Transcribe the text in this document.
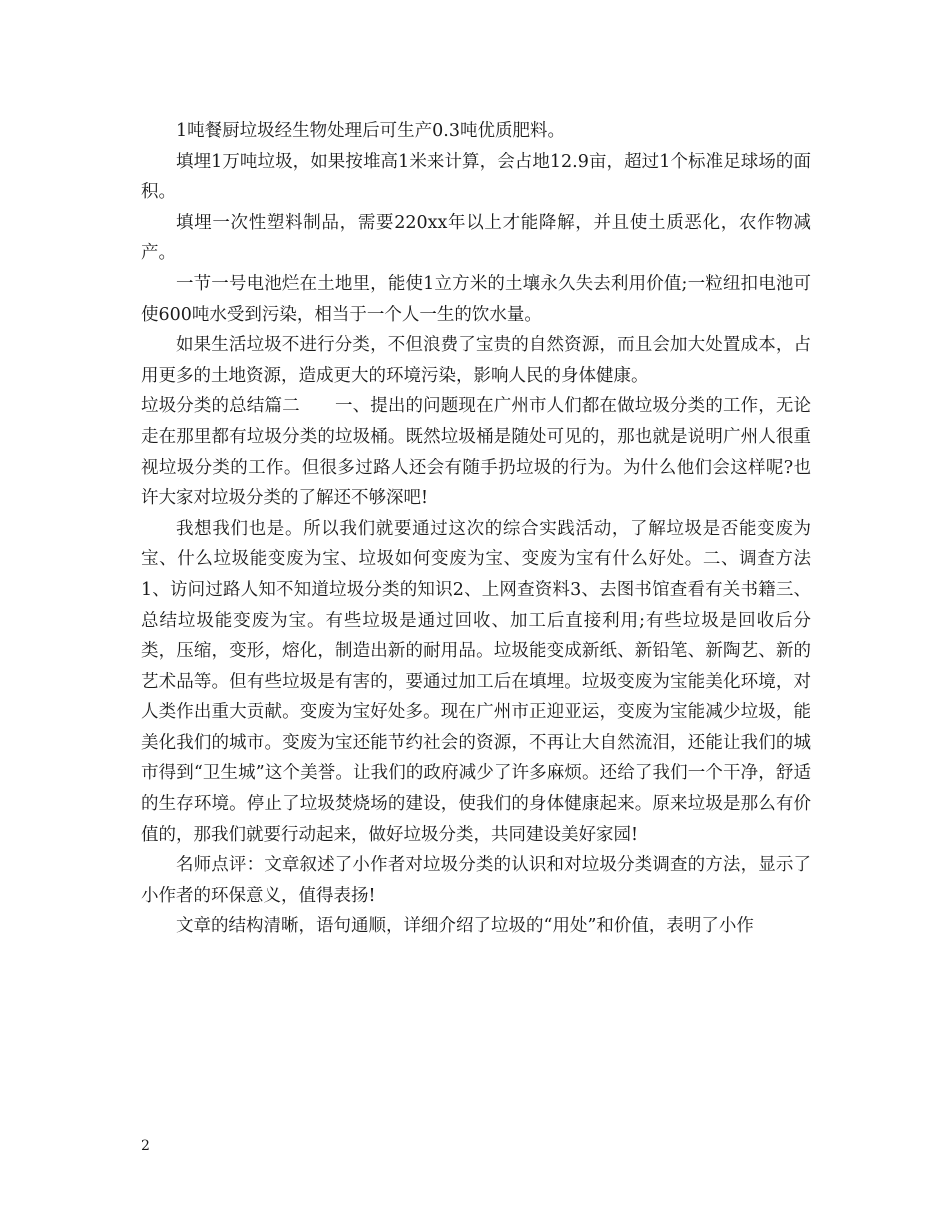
1吨餐厨垃圾经生物处理后可生产0.3吨优质肥料。

填埋1万吨垃圾，如果按堆高1米来计算，会占地12.9亩，超过1个标准足球场的面积。

填埋一次性塑料制品，需要220xx年以上才能降解，并且使土质恶化，农作物减产。

一节一号电池烂在土地里，能使1立方米的土壤永久失去利用价值;一粒纽扣电池可使600吨水受到污染，相当于一个人一生的饮水量。

如果生活垃圾不进行分类，不但浪费了宝贵的自然资源，而且会加大处置成本，占用更多的土地资源，造成更大的环境污染，影响人民的身体健康。

垃圾分类的总结篇二　　一、提出的问题现在广州市人们都在做垃圾分类的工作，无论走在那里都有垃圾分类的垃圾桶。既然垃圾桶是随处可见的，那也就是说明广州人很重视垃圾分类的工作。但很多过路人还会有随手扔垃圾的行为。为什么他们会这样呢?也许大家对垃圾分类的了解还不够深吧!

我想我们也是。所以我们就要通过这次的综合实践活动，了解垃圾是否能变废为宝、什么垃圾能变废为宝、垃圾如何变废为宝、变废为宝有什么好处。二、调查方法1、访问过路人知不知道垃圾分类的知识2、上网查资料3、去图书馆查看有关书籍三、总结垃圾能变废为宝。有些垃圾是通过回收、加工后直接利用;有些垃圾是回收后分类，压缩，变形，熔化，制造出新的耐用品。垃圾能变成新纸、新铅笔、新陶艺、新的艺术品等。但有些垃圾是有害的，要通过加工后在填埋。垃圾变废为宝能美化环境，对人类作出重大贡献。变废为宝好处多。现在广州市正迎亚运，变废为宝能减少垃圾，能美化我们的城市。变废为宝还能节约社会的资源，不再让大自然流泪，还能让我们的城市得到“卫生城”这个美誉。让我们的政府减少了许多麻烦。还给了我们一个干净，舒适的生存环境。停止了垃圾焚烧场的建设，使我们的身体健康起来。原来垃圾是那么有价值的，那我们就要行动起来，做好垃圾分类，共同建设美好家园!

名师点评：文章叙述了小作者对垃圾分类的认识和对垃圾分类调查的方法，显示了小作者的环保意义，值得表扬!

文章的结构清晰，语句通顺，详细介绍了垃圾的“用处”和价值，表明了小作

2
